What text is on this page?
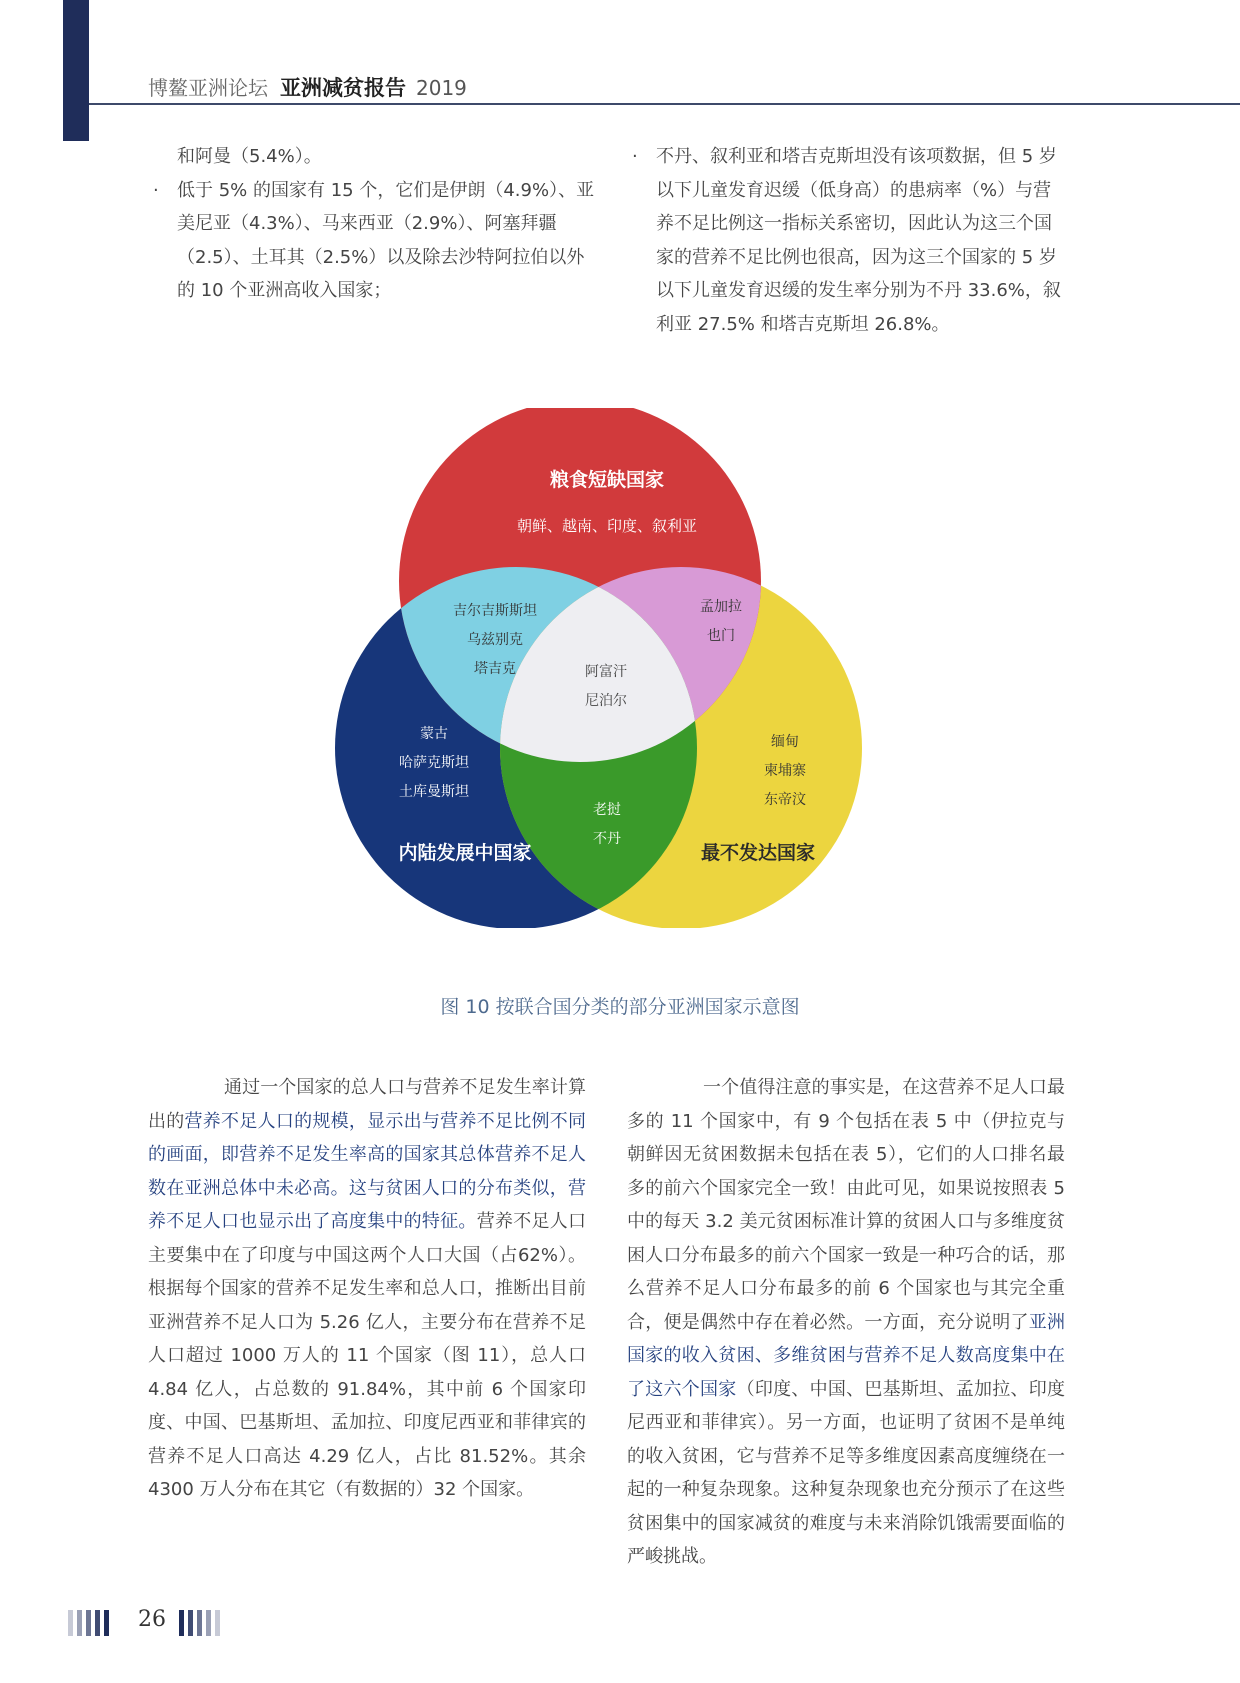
博鳌亚洲论坛 亚洲减贫报告 2019

和阿曼（5.4%）。

· 低于 5% 的国家有 15 个，它们是伊朗（4.9%）、亚美尼亚（4.3%）、马来西亚（2.9%）、阿塞拜疆（2.5）、土耳其（2.5%）以及除去沙特阿拉伯以外的 10 个亚洲高收入国家；

· 不丹、叙利亚和塔吉克斯坦没有该项数据，但 5 岁以下儿童发育迟缓（低身高）的患病率（%）与营养不足比例这一指标关系密切，因此认为这三个国家的营养不足比例也很高，因为这三个国家的 5 岁以下儿童发育迟缓的发生率分别为不丹 33.6%，叙利亚 27.5% 和塔吉克斯坦 26.8%。

粮食短缺国家
朝鲜、越南、印度、叙利亚
吉尔吉斯斯坦
乌兹别克
塔吉克
孟加拉
也门
阿富汗
尼泊尔
蒙古
哈萨克斯坦
土库曼斯坦
内陆发展中国家
缅甸
柬埔寨
东帝汶
最不发达国家
老挝
不丹
图 10 按联合国分类的部分亚洲国家示意图

通过一个国家的总人口与营养不足发生率计算出的营养不足人口的规模，显示出与营养不足比例不同的画面，即营养不足发生率高的国家其总体营养不足人数在亚洲总体中未必高。这与贫困人口的分布类似，营养不足人口也显示出了高度集中的特征。营养不足人口主要集中在了印度与中国这两个人口大国（占62%）。根据每个国家的营养不足发生率和总人口，推断出目前亚洲营养不足人口为 5.26 亿人，主要分布在营养不足人口超过 1000 万人的 11 个国家（图 11），总人口 4.84 亿人，占总数的 91.84%，其中前 6 个国家印度、中国、巴基斯坦、孟加拉、印度尼西亚和菲律宾的营养不足人口高达 4.29 亿人，占比 81.52%。其余 4300 万人分布在其它（有数据的）32 个国家。

一个值得注意的事实是，在这营养不足人口最多的 11 个国家中，有 9 个包括在表 5 中（伊拉克与朝鲜因无贫困数据未包括在表 5），它们的人口排名最多的前六个国家完全一致！由此可见，如果说按照表 5 中的每天 3.2 美元贫困标准计算的贫困人口与多维度贫困人口分布最多的前六个国家一致是一种巧合的话，那么营养不足人口分布最多的前 6 个国家也与其完全重合，便是偶然中存在着必然。一方面，充分说明了亚洲国家的收入贫困、多维贫困与营养不足人数高度集中在了这六个国家（印度、中国、巴基斯坦、孟加拉、印度尼西亚和菲律宾）。另一方面，也证明了贫困不是单纯的收入贫困，它与营养不足等多维度因素高度缠绕在一起的一种复杂现象。这种复杂现象也充分预示了在这些贫困集中的国家减贫的难度与未来消除饥饿需要面临的严峻挑战。

26
